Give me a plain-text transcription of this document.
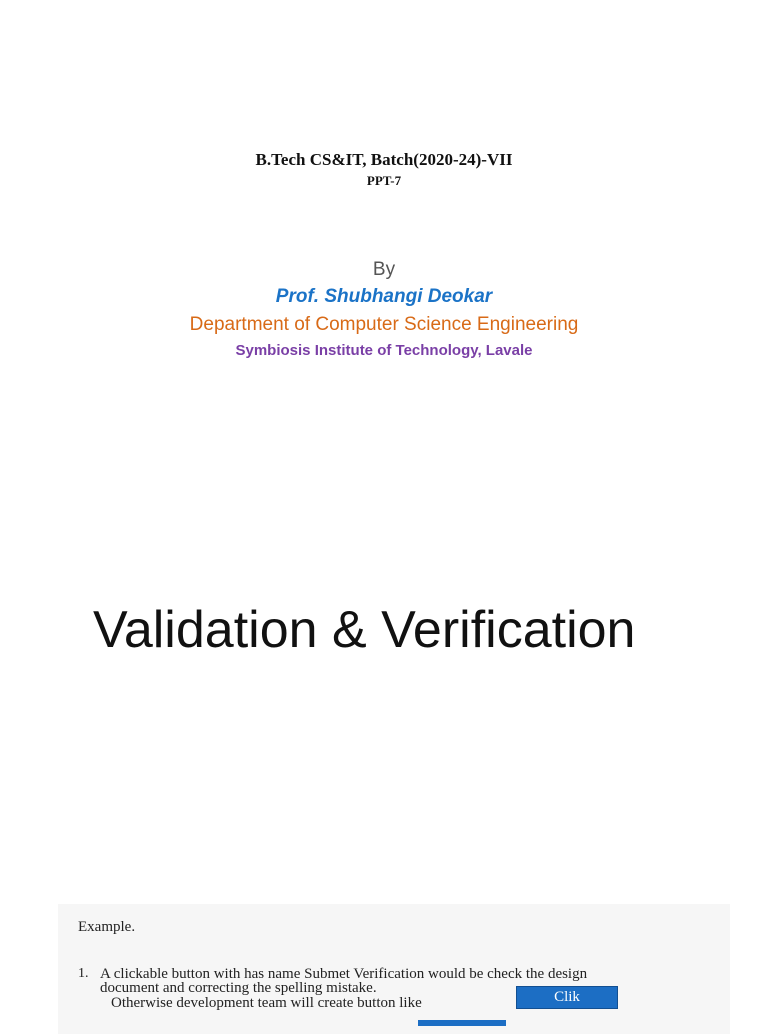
B.Tech CS&IT, Batch(2020-24)-VII
PPT-7
By
Prof. Shubhangi Deokar
Department of Computer Science Engineering
Symbiosis Institute of Technology, Lavale
Validation & Verification
Example.
1. A clickable button with has name Submet Verification would be check the design
document and correcting the spelling mistake.
Otherwise development team will create button like	Clik
